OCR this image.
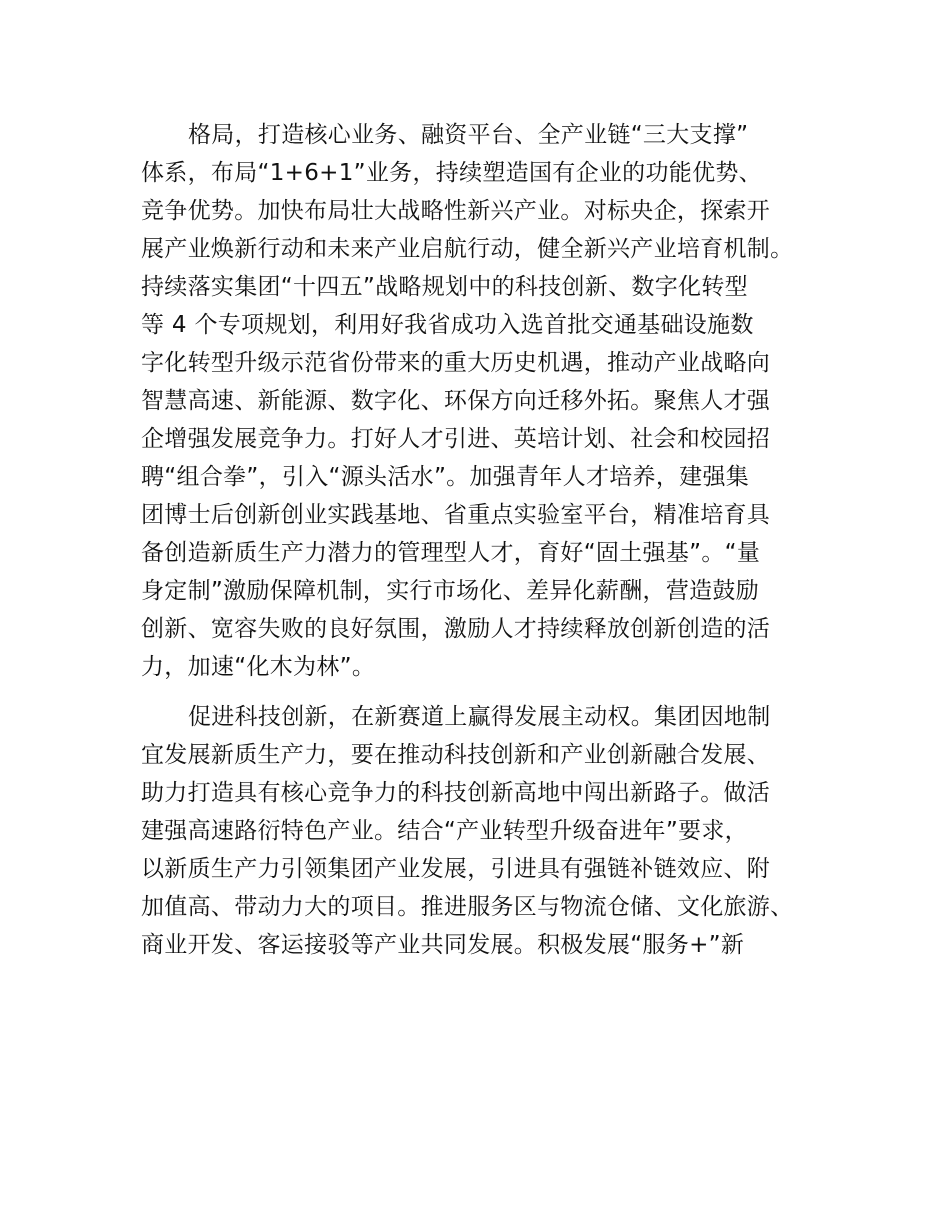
格局，打造核心业务、融资平台、全产业链“三大支撑”
体系，布局“1+6+1”业务，持续塑造国有企业的功能优势、
竞争优势。加快布局壮大战略性新兴产业。对标央企，探索开
展产业焕新行动和未来产业启航行动，健全新兴产业培育机制。
持续落实集团“十四五”战略规划中的科技创新、数字化转型
等 4 个专项规划，利用好我省成功入选首批交通基础设施数
字化转型升级示范省份带来的重大历史机遇，推动产业战略向
智慧高速、新能源、数字化、环保方向迁移外拓。聚焦人才强
企增强发展竞争力。打好人才引进、英培计划、社会和校园招
聘“组合拳”，引入“源头活水”。加强青年人才培养，建强集
团博士后创新创业实践基地、省重点实验室平台，精准培育具
备创造新质生产力潜力的管理型人才，育好“固土强基”。“量
身定制”激励保障机制，实行市场化、差异化薪酬，营造鼓励
创新、宽容失败的良好氛围，激励人才持续释放创新创造的活
力，加速“化木为林”。
促进科技创新，在新赛道上赢得发展主动权。集团因地制
宜发展新质生产力，要在推动科技创新和产业创新融合发展、
助力打造具有核心竞争力的科技创新高地中闯出新路子。做活
建强高速路衍特色产业。结合“产业转型升级奋进年”要求，
以新质生产力引领集团产业发展，引进具有强链补链效应、附
加值高、带动力大的项目。推进服务区与物流仓储、文化旅游、
商业开发、客运接驳等产业共同发展。积极发展“服务+”新
